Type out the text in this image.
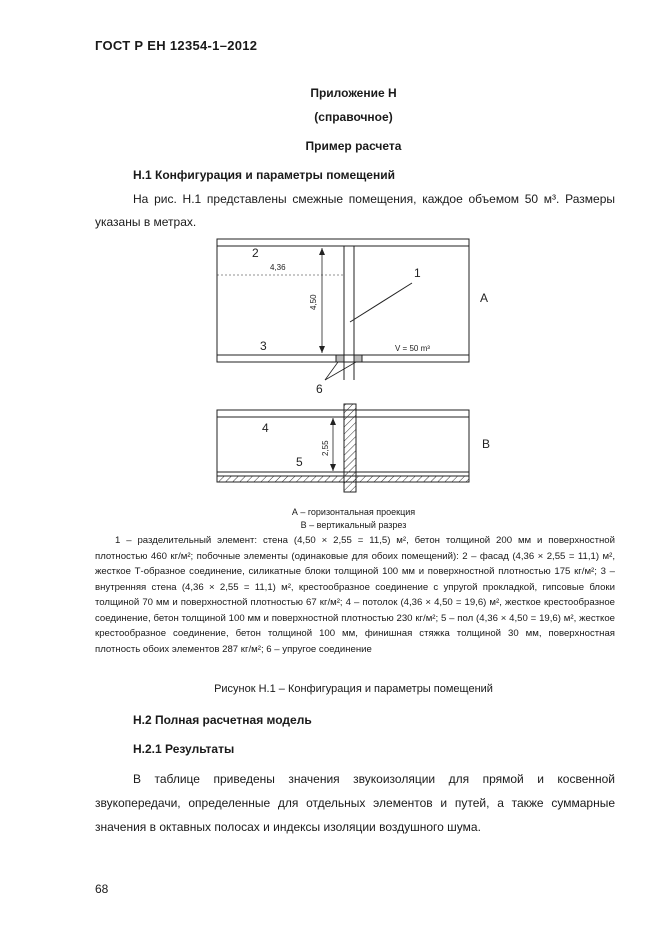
ГОСТ Р ЕН 12354-1–2012
Приложение Н
(справочное)
Пример расчета
Н.1 Конфигурация и параметры помещений

На рис. Н.1 представлены смежные помещения, каждое объемом 50 м³. Размеры указаны в метрах.

2
4,36
4,50
1
3	V = 50 m³
6
А
4
2,55
5
В
А – горизонтальная проекция
В – вертикальный разрез

1 – разделительный элемент: стена (4,50 × 2,55 = 11,5) м², бетон толщиной 200 мм и поверхностной плотностью 460 кг/м²; побочные элементы (одинаковые для обоих помещений): 2 – фасад (4,36 × 2,55 = 11,1) м², жесткое Т-образное соединение, силикатные блоки толщиной 100 мм и поверхностной плотностью 175 кг/м²; 3 – внутренняя стена (4,36 × 2,55 = 11,1) м², крестообразное соединение с упругой прокладкой, гипсовые блоки толщиной 70 мм и поверхностной плотностью 67 кг/м²; 4 – потолок (4,36 × 4,50 = 19,6) м², жесткое крестообразное соединение, бетон толщиной 100 мм и поверхностной плотностью 230 кг/м²; 5 – пол (4,36 × 4,50 = 19,6) м², жесткое крестообразное соединение, бетон толщиной 100 мм, финишная стяжка толщиной 30 мм, поверхностная плотность обоих элементов 287 кг/м²; 6 – упругое соединение

Рисунок Н.1 – Конфигурация и параметры помещений
Н.2 Полная расчетная модель
Н.2.1 Результаты

В таблице приведены значения звукоизоляции для прямой и косвенной звукопередачи, определенные для отдельных элементов и путей, а также суммарные значения в октавных полосах и индексы изоляции воздушного шума.

68
